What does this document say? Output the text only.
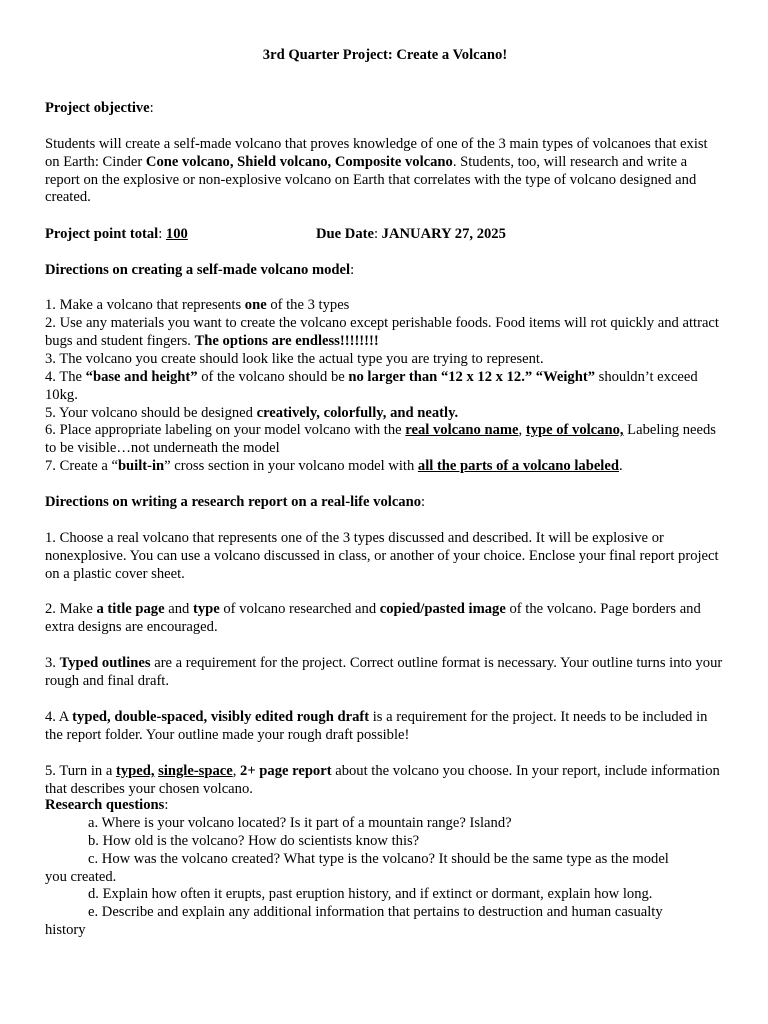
3rd Quarter Project: Create a Volcano!
Project objective:
Students will create a self-made volcano that proves knowledge of one of the 3 main types of volcanoes that exist on Earth: Cinder Cone volcano, Shield volcano, Composite volcano. Students, too, will research and write a report on the explosive or non-explosive volcano on Earth that correlates with the type of volcano designed and created.
Project point total: 100	Due Date: JANUARY 27, 2025
Directions on creating a self-made volcano model:
1. Make a volcano that represents one of the 3 types
2. Use any materials you want to create the volcano except perishable foods. Food items will rot quickly and attract bugs and student fingers. The options are endless!!!!!!!!
3. The volcano you create should look like the actual type you are trying to represent.
4. The “base and height” of the volcano should be no larger than “12 x 12 x 12.” “Weight” shouldn’t exceed 10kg.
5. Your volcano should be designed creatively, colorfully, and neatly.
6. Place appropriate labeling on your model volcano with the real volcano name, type of volcano, Labeling needs to be visible…not underneath the model
7. Create a “built-in” cross section in your volcano model with all the parts of a volcano labeled.
Directions on writing a research report on a real-life volcano:
1. Choose a real volcano that represents one of the 3 types discussed and described. It will be explosive or nonexplosive. You can use a volcano discussed in class, or another of your choice. Enclose your final report project on a plastic cover sheet.
2. Make a title page and type of volcano researched and copied/pasted image of the volcano. Page borders and extra designs are encouraged.
3. Typed outlines are a requirement for the project. Correct outline format is necessary. Your outline turns into your rough and final draft.
4. A typed, double-spaced, visibly edited rough draft is a requirement for the project. It needs to be included in the report folder. Your outline made your rough draft possible!
5. Turn in a typed, single-space, 2+ page report about the volcano you choose. In your report, include information that describes your chosen volcano.
Research questions:
a. Where is your volcano located? Is it part of a mountain range? Island?
b. How old is the volcano? How do scientists know this?
c. How was the volcano created? What type is the volcano? It should be the same type as the model
you created.
d. Explain how often it erupts, past eruption history, and if extinct or dormant, explain how long.
e. Describe and explain any additional information that pertains to destruction and human casualty
history
